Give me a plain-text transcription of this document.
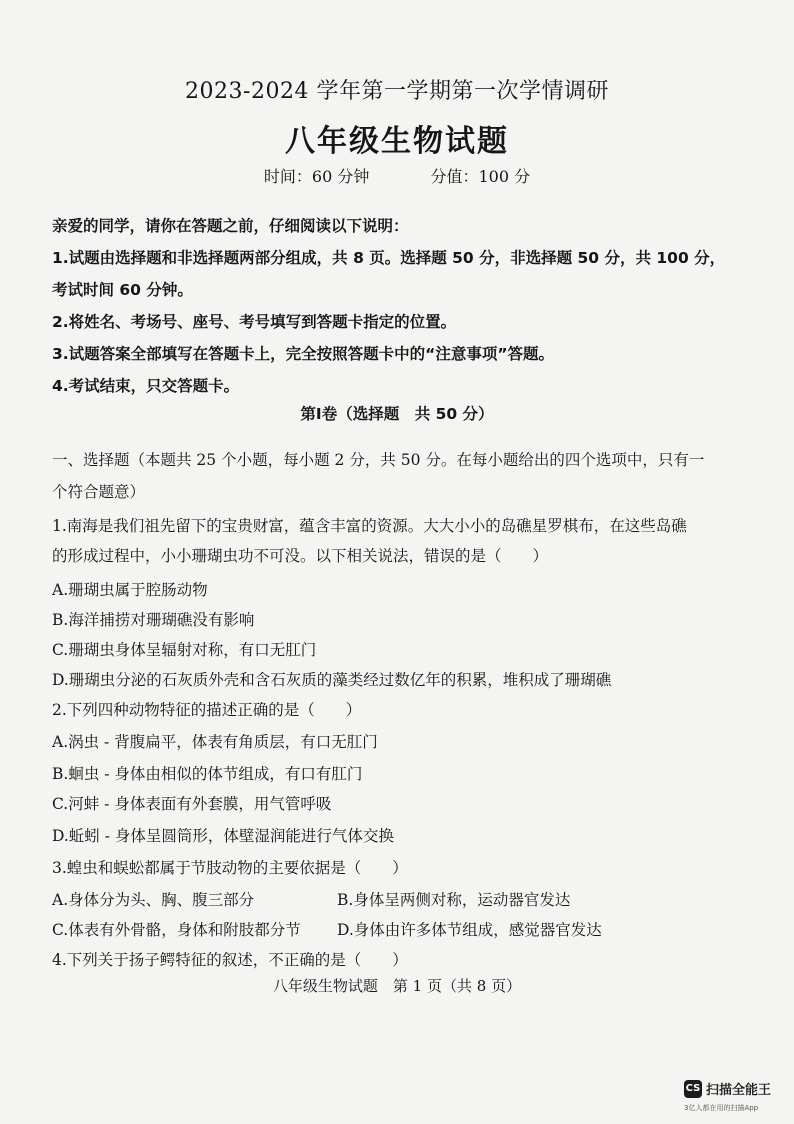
2023-2024 学年第一学期第一次学情调研
八年级生物试题
时间：60 分钟	分值：100 分
亲爱的同学，请你在答题之前，仔细阅读以下说明：
1.试题由选择题和非选择题两部分组成，共 8 页。选择题 50 分，非选择题 50 分，共 100 分，
考试时间 60 分钟。
2.将姓名、考场号、座号、考号填写到答题卡指定的位置。
3.试题答案全部填写在答题卡上，完全按照答题卡中的“注意事项”答题。
4.考试结束，只交答题卡。
第Ⅰ卷（选择题　共 50 分）
一、选择题（本题共 25 个小题，每小题 2 分，共 50 分。在每小题给出的四个选项中，只有一
个符合题意）
1.南海是我们祖先留下的宝贵财富，蕴含丰富的资源。大大小小的岛礁星罗棋布，在这些岛礁
的形成过程中，小小珊瑚虫功不可没。以下相关说法，错误的是（　　）
A.珊瑚虫属于腔肠动物
B.海洋捕捞对珊瑚礁没有影响
C.珊瑚虫身体呈辐射对称，有口无肛门
D.珊瑚虫分泌的石灰质外壳和含石灰质的藻类经过数亿年的积累，堆积成了珊瑚礁
2.下列四种动物特征的描述正确的是（　　）
A.涡虫 - 背腹扁平，体表有角质层，有口无肛门
B.蛔虫 - 身体由相似的体节组成，有口有肛门
C.河蚌 - 身体表面有外套膜，用气管呼吸
D.蚯蚓 - 身体呈圆筒形，体壁湿润能进行气体交换
3.蝗虫和蜈蚣都属于节肢动物的主要依据是（　　）
A.身体分为头、胸、腹三部分	B.身体呈两侧对称，运动器官发达
C.体表有外骨骼，身体和附肢都分节 D.身体由许多体节组成，感觉器官发达
4.下列关于扬子鳄特征的叙述，不正确的是（　　）
八年级生物试题　第 1 页（共 8 页）
CS 扫描全能王
3亿人都在用的扫描App
